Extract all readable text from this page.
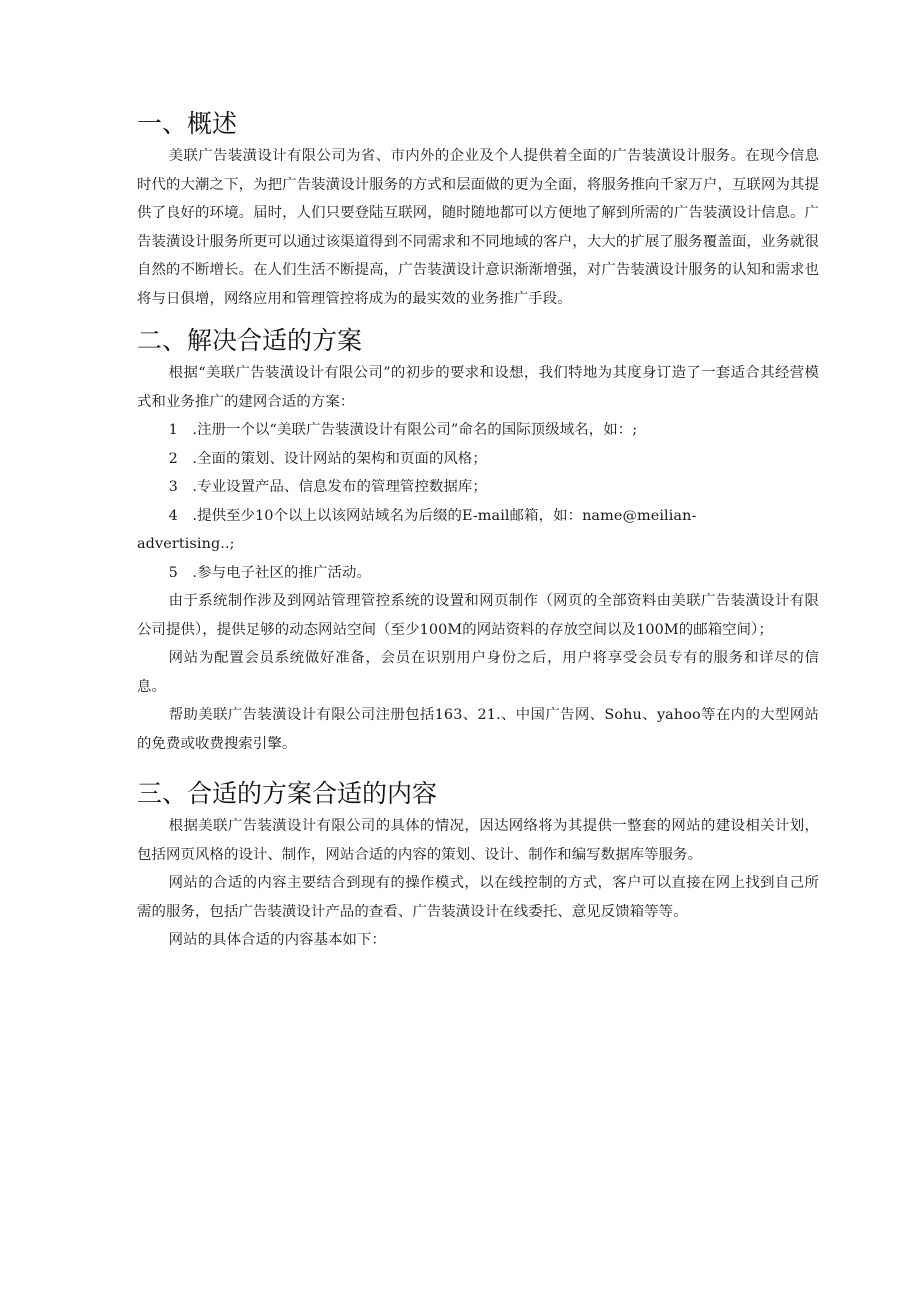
一、概述

美联广告装潢设计有限公司为省、市内外的企业及个人提供着全面的广告装潢设计服务。在现今信息时代的大潮之下，为把广告装潢设计服务的方式和层面做的更为全面，将服务推向千家万户，互联网为其提供了良好的环境。届时，人们只要登陆互联网，随时随地都可以方便地了解到所需的广告装潢设计信息。广告装潢设计服务所更可以通过该渠道得到不同需求和不同地域的客户，大大的扩展了服务覆盖面，业务就很自然的不断增长。在人们生活不断提高，广告装潢设计意识渐渐增强，对广告装潢设计服务的认知和需求也将与日俱增，网络应用和管理管控将成为的最实效的业务推广手段。

二、解决合适的方案

根据“美联广告装潢设计有限公司”的初步的要求和设想，我们特地为其度身订造了一套适合其经营模式和业务推广的建网合适的方案：

1　.注册一个以“美联广告装潢设计有限公司”命名的国际顶级域名，如：;

2　.全面的策划、设计网站的架构和页面的风格；

3　.专业设置产品、信息发布的管理管控数据库；

4　.提供至少10个以上以该网站域名为后缀的E-mail邮箱，如：name@meilian-

advertising..;

5　.参与电子社区的推广活动。

由于系统制作涉及到网站管理管控系统的设置和网页制作（网页的全部资料由美联广告装潢设计有限公司提供），提供足够的动态网站空间（至少100M的网站资料的存放空间以及100M的邮箱空间）；

网站为配置会员系统做好准备，会员在识别用户身份之后，用户将享受会员专有的服务和详尽的信息。

帮助美联广告装潢设计有限公司注册包括163、21.、中国广告网、Sohu、yahoo等在内的大型网站的免费或收费搜索引擎。

三、合适的方案合适的内容

根据美联广告装潢设计有限公司的具体的情况，因达网络将为其提供一整套的网站的建设相关计划，包括网页风格的设计、制作，网站合适的内容的策划、设计、制作和编写数据库等服务。

网站的合适的内容主要结合到现有的操作模式，以在线控制的方式，客户可以直接在网上找到自己所需的服务，包括广告装潢设计产品的查看、广告装潢设计在线委托、意见反馈箱等等。

网站的具体合适的内容基本如下：
